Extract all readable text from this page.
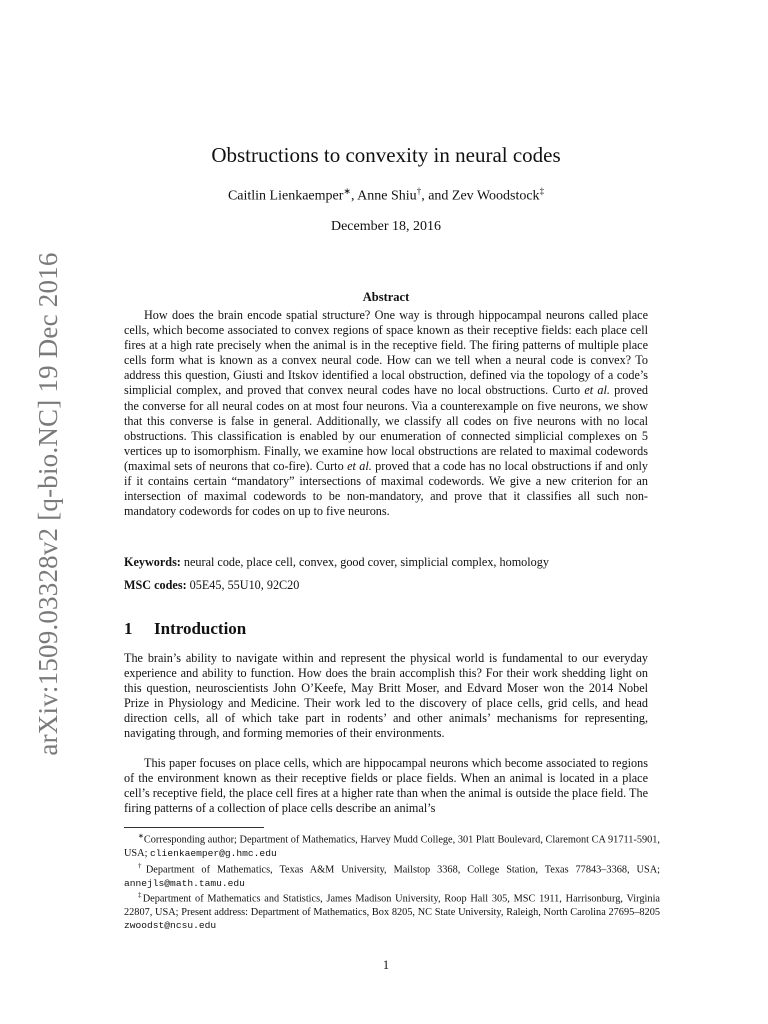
arXiv:1509.03328v2 [q-bio.NC] 19 Dec 2016
Obstructions to convexity in neural codes
Caitlin Lienkaemper∗, Anne Shiu†, and Zev Woodstock‡
December 18, 2016
Abstract

How does the brain encode spatial structure? One way is through hippocampal neurons called place cells, which become associated to convex regions of space known as their receptive fields: each place cell fires at a high rate precisely when the animal is in the receptive field. The firing patterns of multiple place cells form what is known as a convex neural code. How can we tell when a neural code is convex? To address this question, Giusti and Itskov identified a local obstruction, defined via the topology of a code’s simplicial complex, and proved that convex neural codes have no local obstructions. Curto et al. proved the converse for all neural codes on at most four neurons. Via a counterexample on five neurons, we show that this converse is false in general. Additionally, we classify all codes on five neurons with no local obstructions. This classification is enabled by our enumeration of connected simplicial complexes on 5 vertices up to isomorphism. Finally, we examine how local obstructions are related to maximal codewords (maximal sets of neurons that co-fire). Curto et al. proved that a code has no local obstructions if and only if it contains certain “mandatory” intersections of maximal codewords. We give a new criterion for an intersection of maximal codewords to be non-mandatory, and prove that it classifies all such non-mandatory codewords for codes on up to five neurons.

Keywords: neural code, place cell, convex, good cover, simplicial complex, homology
MSC codes: 05E45, 55U10, 92C20
1 Introduction

The brain’s ability to navigate within and represent the physical world is fundamental to our everyday experience and ability to function. How does the brain accomplish this? For their work shedding light on this question, neuroscientists John O’Keefe, May Britt Moser, and Edvard Moser won the 2014 Nobel Prize in Physiology and Medicine. Their work led to the discovery of place cells, grid cells, and head direction cells, all of which take part in rodents’ and other animals’ mechanisms for representing, navigating through, and forming memories of their environments.

This paper focuses on place cells, which are hippocampal neurons which become associated to regions of the environment known as their receptive fields or place fields. When an animal is located in a place cell’s receptive field, the place cell fires at a higher rate than when the animal is outside the place field. The firing patterns of a collection of place cells describe an animal’s

∗Corresponding author; Department of Mathematics, Harvey Mudd College, 301 Platt Boulevard, Claremont CA 91711-5901, USA; clienkaemper@g.hmc.edu

†Department of Mathematics, Texas A&M University, Mailstop 3368, College Station, Texas 77843–3368, USA; annejls@math.tamu.edu

‡Department of Mathematics and Statistics, James Madison University, Roop Hall 305, MSC 1911, Harrisonburg, Virginia 22807, USA; Present address: Department of Mathematics, Box 8205, NC State University, Raleigh, North Carolina 27695–8205 zwoodst@ncsu.edu

1
